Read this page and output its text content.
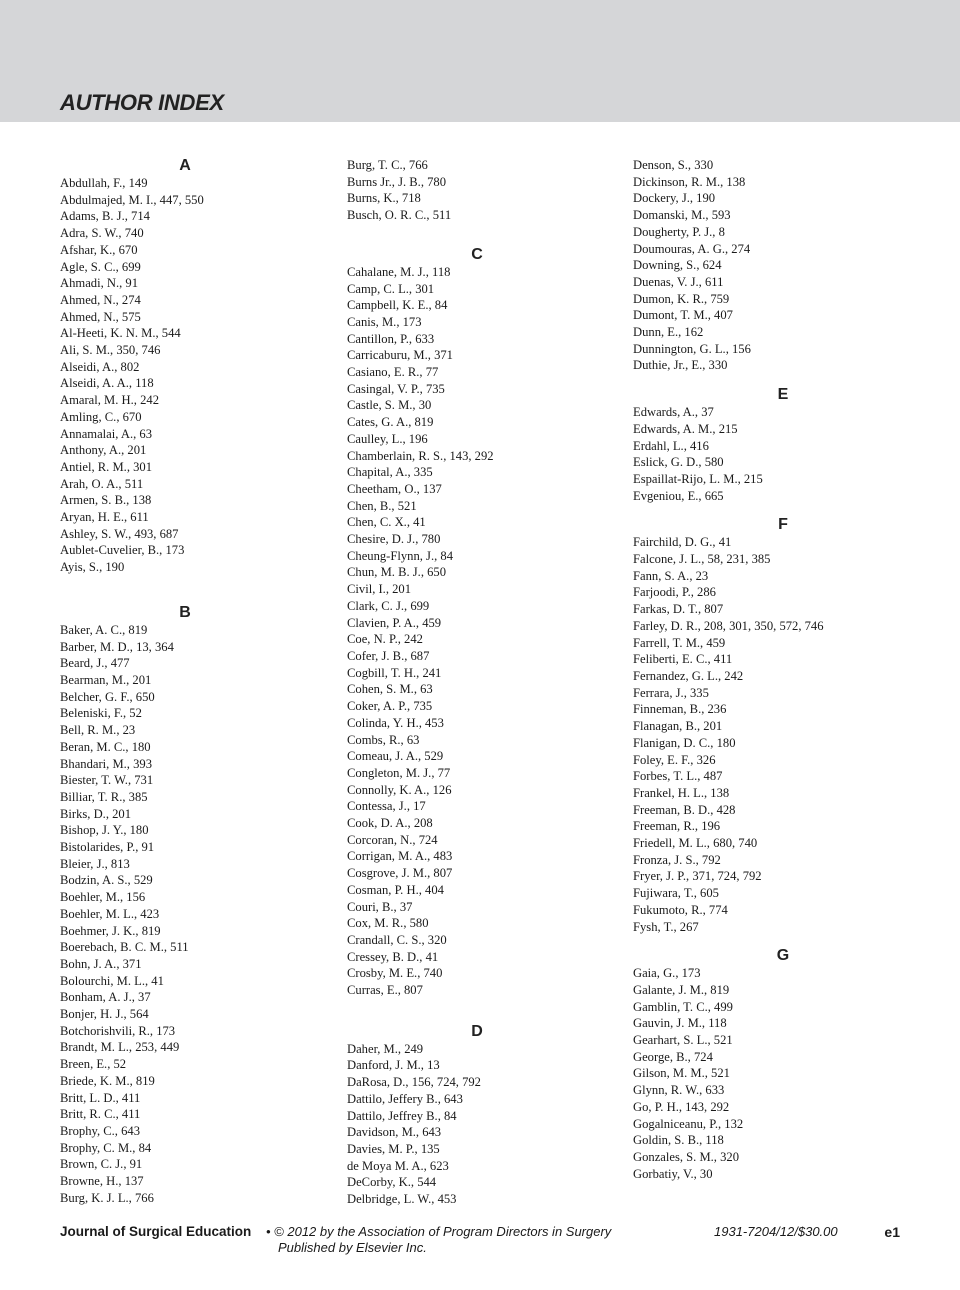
AUTHOR INDEX
A
Abdullah, F., 149
Abdulmajed, M. I., 447, 550
Adams, B. J., 714
Adra, S. W., 740
Afshar, K., 670
Agle, S. C., 699
Ahmadi, N., 91
Ahmed, N., 274
Ahmed, N., 575
Al-Heeti, K. N. M., 544
Ali, S. M., 350, 746
Alseidi, A., 802
Alseidi, A. A., 118
Amaral, M. H., 242
Amling, C., 670
Annamalai, A., 63
Anthony, A., 201
Antiel, R. M., 301
Arah, O. A., 511
Armen, S. B., 138
Aryan, H. E., 611
Ashley, S. W., 493, 687
Aublet-Cuvelier, B., 173
Ayis, S., 190
B
Baker, A. C., 819
Barber, M. D., 13, 364
Beard, J., 477
Bearman, M., 201
Belcher, G. F., 650
Beleniski, F., 52
Bell, R. M., 23
Beran, M. C., 180
Bhandari, M., 393
Biester, T. W., 731
Billiar, T. R., 385
Birks, D., 201
Bishop, J. Y., 180
Bistolarides, P., 91
Bleier, J., 813
Bodzin, A. S., 529
Boehler, M., 156
Boehler, M. L., 423
Boehmer, J. K., 819
Boerebach, B. C. M., 511
Bohn, J. A., 371
Bolourchi, M. L., 41
Bonham, A. J., 37
Bonjer, H. J., 564
Botchorishvili, R., 173
Brandt, M. L., 253, 449
Breen, E., 52
Briede, K. M., 819
Britt, L. D., 411
Britt, R. C., 411
Brophy, C., 643
Brophy, C. M., 84
Brown, C. J., 91
Browne, H., 137
Burg, K. J. L., 766
Burg, T. C., 766
Burns Jr., J. B., 780
Burns, K., 718
Busch, O. R. C., 511
C
Cahalane, M. J., 118
Camp, C. L., 301
Campbell, K. E., 84
Canis, M., 173
Cantillon, P., 633
Carricaburu, M., 371
Casiano, E. R., 77
Casingal, V. P., 735
Castle, S. M., 30
Cates, G. A., 819
Caulley, L., 196
Chamberlain, R. S., 143, 292
Chapital, A., 335
Cheetham, O., 137
Chen, B., 521
Chen, C. X., 41
Chesire, D. J., 780
Cheung-Flynn, J., 84
Chun, M. B. J., 650
Civil, I., 201
Clark, C. J., 699
Clavien, P. A., 459
Coe, N. P., 242
Cofer, J. B., 687
Cogbill, T. H., 241
Cohen, S. M., 63
Coker, A. P., 735
Colinda, Y. H., 453
Combs, R., 63
Comeau, J. A., 529
Congleton, M. J., 77
Connolly, K. A., 126
Contessa, J., 17
Cook, D. A., 208
Corcoran, N., 724
Corrigan, M. A., 483
Cosgrove, J. M., 807
Cosman, P. H., 404
Couri, B., 37
Cox, M. R., 580
Crandall, C. S., 320
Cressey, B. D., 41
Crosby, M. E., 740
Curras, E., 807
D
Daher, M., 249
Danford, J. M., 13
DaRosa, D., 156, 724, 792
Dattilo, Jeffery B., 643
Dattilo, Jeffrey B., 84
Davidson, M., 643
Davies, M. P., 135
de Moya M. A., 623
DeCorby, K., 544
Delbridge, L. W., 453
Denson, S., 330
Dickinson, R. M., 138
Dockery, J., 190
Domanski, M., 593
Dougherty, P. J., 8
Doumouras, A. G., 274
Downing, S., 624
Duenas, V. J., 611
Dumon, K. R., 759
Dumont, T. M., 407
Dunn, E., 162
Dunnington, G. L., 156
Duthie, Jr., E., 330
E
Edwards, A., 37
Edwards, A. M., 215
Erdahl, L., 416
Eslick, G. D., 580
Espaillat-Rijo, L. M., 215
Evgeniou, E., 665
F
Fairchild, D. G., 41
Falcone, J. L., 58, 231, 385
Fann, S. A., 23
Farjoodi, P., 286
Farkas, D. T., 807
Farley, D. R., 208, 301, 350, 572, 746
Farrell, T. M., 459
Feliberti, E. C., 411
Fernandez, G. L., 242
Ferrara, J., 335
Finneman, B., 236
Flanagan, B., 201
Flanigan, D. C., 180
Foley, E. F., 326
Forbes, T. L., 487
Frankel, H. L., 138
Freeman, B. D., 428
Freeman, R., 196
Friedell, M. L., 680, 740
Fronza, J. S., 792
Fryer, J. P., 371, 724, 792
Fujiwara, T., 605
Fukumoto, R., 774
Fysh, T., 267
G
Gaia, G., 173
Galante, J. M., 819
Gamblin, T. C., 499
Gauvin, J. M., 118
Gearhart, S. L., 521
George, B., 724
Gilson, M. M., 521
Glynn, R. W., 633
Go, P. H., 143, 292
Gogalniceanu, P., 132
Goldin, S. B., 118
Gonzales, S. M., 320
Gorbatiy, V., 30
Journal of Surgical Education • © 2012 by the Association of Program Directors in Surgery
Published by Elsevier Inc.
1931-7204/12/$30.00	e1
